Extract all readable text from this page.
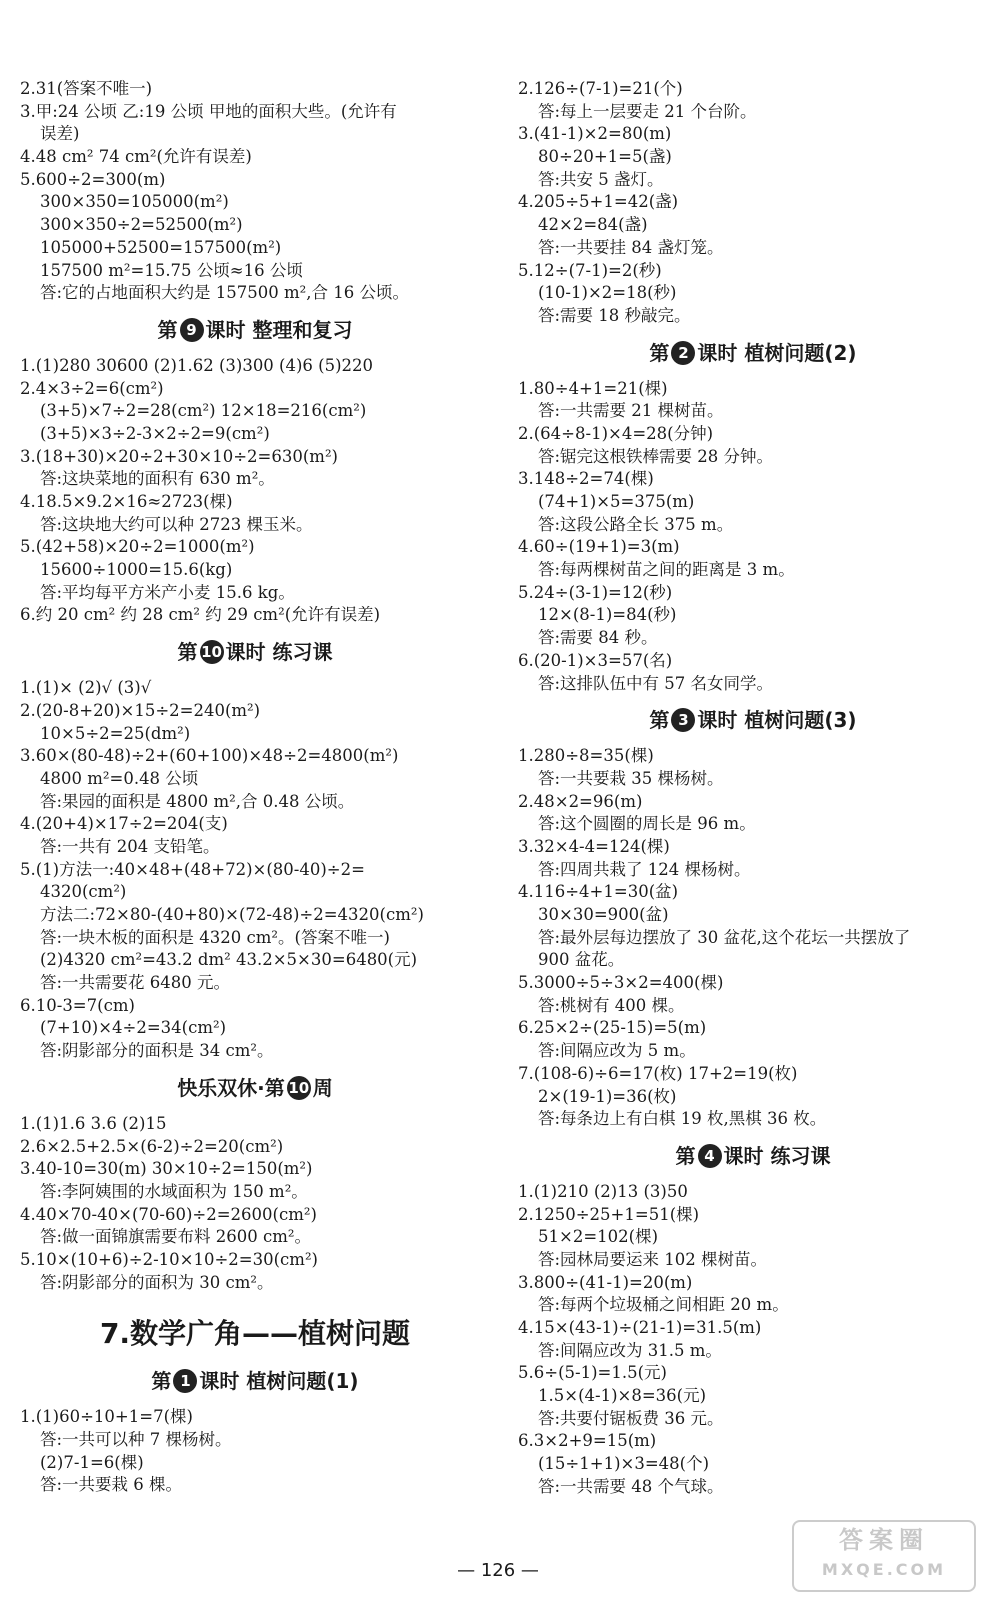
2.31(答案不唯一)
3.甲:24 公顷 乙:19 公顷 甲地的面积大些。(允许有
误差)
4.48 cm² 74 cm²(允许有误差)
5.600÷2=300(m)
300×350=105000(m²)
300×350÷2=52500(m²)
105000+52500=157500(m²)
157500 m²=15.75 公顷≈16 公顷
答:它的占地面积大约是 157500 m²,合 16 公顷。
第 9 课时 整理和复习
1.(1)280 30600 (2)1.62 (3)300 (4)6 (5)220
2.4×3÷2=6(cm²)
(3+5)×7÷2=28(cm²) 12×18=216(cm²)
(3+5)×3÷2-3×2÷2=9(cm²)
3.(18+30)×20÷2+30×10÷2=630(m²)
答:这块菜地的面积有 630 m²。
4.18.5×9.2×16≈2723(棵)
答:这块地大约可以种 2723 棵玉米。
5.(42+58)×20÷2=1000(m²)
15600÷1000=15.6(kg)
答:平均每平方米产小麦 15.6 kg。
6.约 20 cm² 约 28 cm² 约 29 cm²(允许有误差)
第 10 课时 练习课
1.(1)× (2)√ (3)√
2.(20-8+20)×15÷2=240(m²)
10×5÷2=25(dm²)
3.60×(80-48)÷2+(60+100)×48÷2=4800(m²)
4800 m²=0.48 公顷
答:果园的面积是 4800 m²,合 0.48 公顷。
4.(20+4)×17÷2=204(支)
答:一共有 204 支铅笔。
5.(1)方法一:40×48+(48+72)×(80-40)÷2=
4320(cm²)
方法二:72×80-(40+80)×(72-48)÷2=4320(cm²)
答:一块木板的面积是 4320 cm²。(答案不唯一)
(2)4320 cm²=43.2 dm² 43.2×5×30=6480(元)
答:一共需要花 6480 元。
6.10-3=7(cm)
(7+10)×4÷2=34(cm²)
答:阴影部分的面积是 34 cm²。
快乐双休·第 10 周
1.(1)1.6 3.6 (2)15
2.6×2.5+2.5×(6-2)÷2=20(cm²)
3.40-10=30(m) 30×10÷2=150(m²)
答:李阿姨围的水域面积为 150 m²。
4.40×70-40×(70-60)÷2=2600(cm²)
答:做一面锦旗需要布料 2600 cm²。
5.10×(10+6)÷2-10×10÷2=30(cm²)
答:阴影部分的面积为 30 cm²。
7.数学广角——植树问题
第 1 课时 植树问题(1)
1.(1)60÷10+1=7(棵)
答:一共可以种 7 棵杨树。
(2)7-1=6(棵)
答:一共要栽 6 棵。
2.126÷(7-1)=21(个)
答:每上一层要走 21 个台阶。
3.(41-1)×2=80(m)
80÷20+1=5(盏)
答:共安 5 盏灯。
4.205÷5+1=42(盏)
42×2=84(盏)
答:一共要挂 84 盏灯笼。
5.12÷(7-1)=2(秒)
(10-1)×2=18(秒)
答:需要 18 秒敲完。
第 2 课时 植树问题(2)
1.80÷4+1=21(棵)
答:一共需要 21 棵树苗。
2.(64÷8-1)×4=28(分钟)
答:锯完这根铁棒需要 28 分钟。
3.148÷2=74(棵)
(74+1)×5=375(m)
答:这段公路全长 375 m。
4.60÷(19+1)=3(m)
答:每两棵树苗之间的距离是 3 m。
5.24÷(3-1)=12(秒)
12×(8-1)=84(秒)
答:需要 84 秒。
6.(20-1)×3=57(名)
答:这排队伍中有 57 名女同学。
第 3 课时 植树问题(3)
1.280÷8=35(棵)
答:一共要栽 35 棵杨树。
2.48×2=96(m)
答:这个圆圈的周长是 96 m。
3.32×4-4=124(棵)
答:四周共栽了 124 棵杨树。
4.116÷4+1=30(盆)
30×30=900(盆)
答:最外层每边摆放了 30 盆花,这个花坛一共摆放了
900 盆花。
5.3000÷5÷3×2=400(棵)
答:桃树有 400 棵。
6.25×2÷(25-15)=5(m)
答:间隔应改为 5 m。
7.(108-6)÷6=17(枚) 17+2=19(枚)
2×(19-1)=36(枚)
答:每条边上有白棋 19 枚,黑棋 36 枚。
第 4 课时 练习课
1.(1)210 (2)13 (3)50
2.1250÷25+1=51(棵)
51×2=102(棵)
答:园林局要运来 102 棵树苗。
3.800÷(41-1)=20(m)
答:每两个垃圾桶之间相距 20 m。
4.15×(43-1)÷(21-1)=31.5(m)
答:间隔应改为 31.5 m。
5.6÷(5-1)=1.5(元)
1.5×(4-1)×8=36(元)
答:共要付锯板费 36 元。
6.3×2+9=15(m)
(15÷1+1)×3=48(个)
答:一共需要 48 个气球。
— 126 —
答案圈
MXQE.COM
